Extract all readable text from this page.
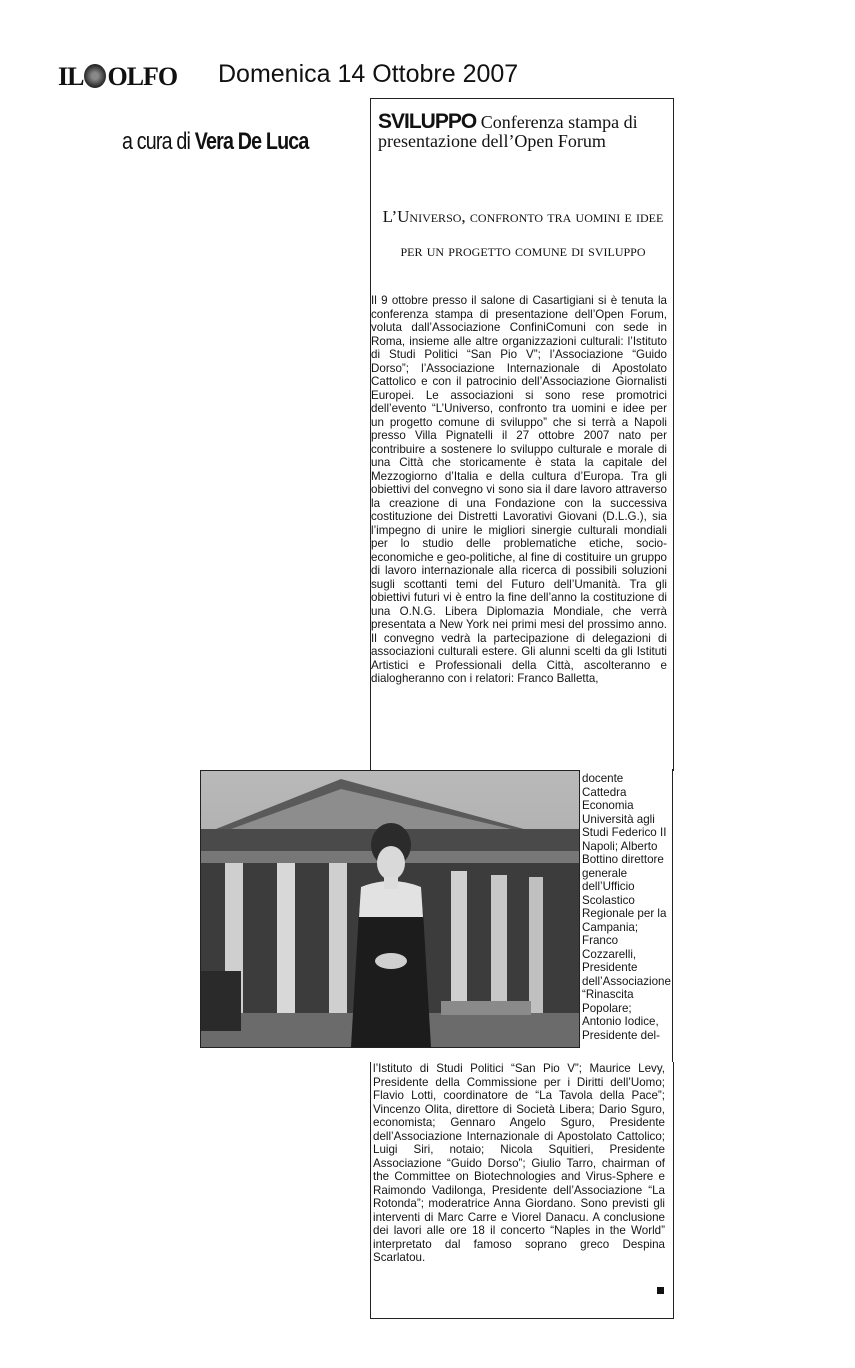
IL OLFO Domenica 14 Ottobre 2007
a cura di Vera De Luca
SVILUPPO Conferenza stampa di presentazione dell’Open Forum
L’Universo, confronto tra uomini e idee per un progetto comune di sviluppo
Il 9 ottobre presso il salone di Casartigiani si è tenuta la conferenza stampa di presentazione dell’Open Forum, voluta dall’Associazione ConfiniComuni con sede in Roma, insieme alle altre organizzazioni culturali: l’Istituto di Studi Politici “San Pio V”; l’Associazione “Guido Dorso”; l’Associazione Internazionale di Apostolato Cattolico e con il patrocinio dell’Associazione Giornalisti Europei. Le associazioni si sono rese promotrici dell’evento “L’Universo, confronto tra uomini e idee per un progetto comune di sviluppo” che si terrà a Napoli presso Villa Pignatelli il 27 ottobre 2007 nato per contribuire a sostenere lo sviluppo culturale e morale di una Città che storicamente è stata la capitale del Mezzogiorno d’Italia e della cultura d’Europa. Tra gli obiettivi del convegno vi sono sia il dare lavoro attraverso la creazione di una Fondazione con la successiva costituzione dei Distretti Lavorativi Giovani (D.L.G.), sia l’impegno di unire le migliori sinergie culturali mondiali per lo studio delle problematiche etiche, socio-economiche e geo-politiche, al fine di costituire un gruppo di lavoro internazionale alla ricerca di possibili soluzioni sugli scottanti temi del Futuro dell’Umanità. Tra gli obiettivi futuri vi è entro la fine dell’anno la costituzione di una O.N.G. Libera Diplomazia Mondiale, che verrà presentata a New York nei primi mesi del prossimo anno. Il convegno vedrà la partecipazione di delegazioni di associazioni culturali estere. Gli alunni scelti da gli Istituti Artistici e Professionali della Città, ascolteranno e dialogheranno con i relatori: Franco Balletta,
docente Cattedra Economia Università agli Studi Federico II Napoli; Alberto Bottino direttore generale dell’Ufficio Scolastico Regionale per la Campania; Franco Cozzarelli, Presidente dell’Associazione “Rinascita Popolare; Antonio Iodice, Presidente del-
l’Istituto di Studi Politici “San Pio V”; Maurice Levy, Presidente della Commissione per i Diritti dell’Uomo; Flavio Lotti, coordinatore de “La Tavola della Pace”; Vincenzo Olita, direttore di Società Libera; Dario Sguro, economista; Gennaro Angelo Sguro, Presidente dell’Associazione Internazionale di Apostolato Cattolico; Luigi Siri, notaio; Nicola Squitieri, Presidente Associazione “Guido Dorso”; Giulio Tarro, chairman of the Committee on Biotechnologies and Virus-Sphere e Raimondo Vadilonga, Presidente dell’Associazione “La Rotonda”; moderatrice Anna Giordano. Sono previsti gli interventi di Marc Carre e Viorel Danacu. A conclusione dei lavori alle ore 18 il concerto “Naples in the World” interpretato dal famoso soprano greco Despina Scarlatou.
